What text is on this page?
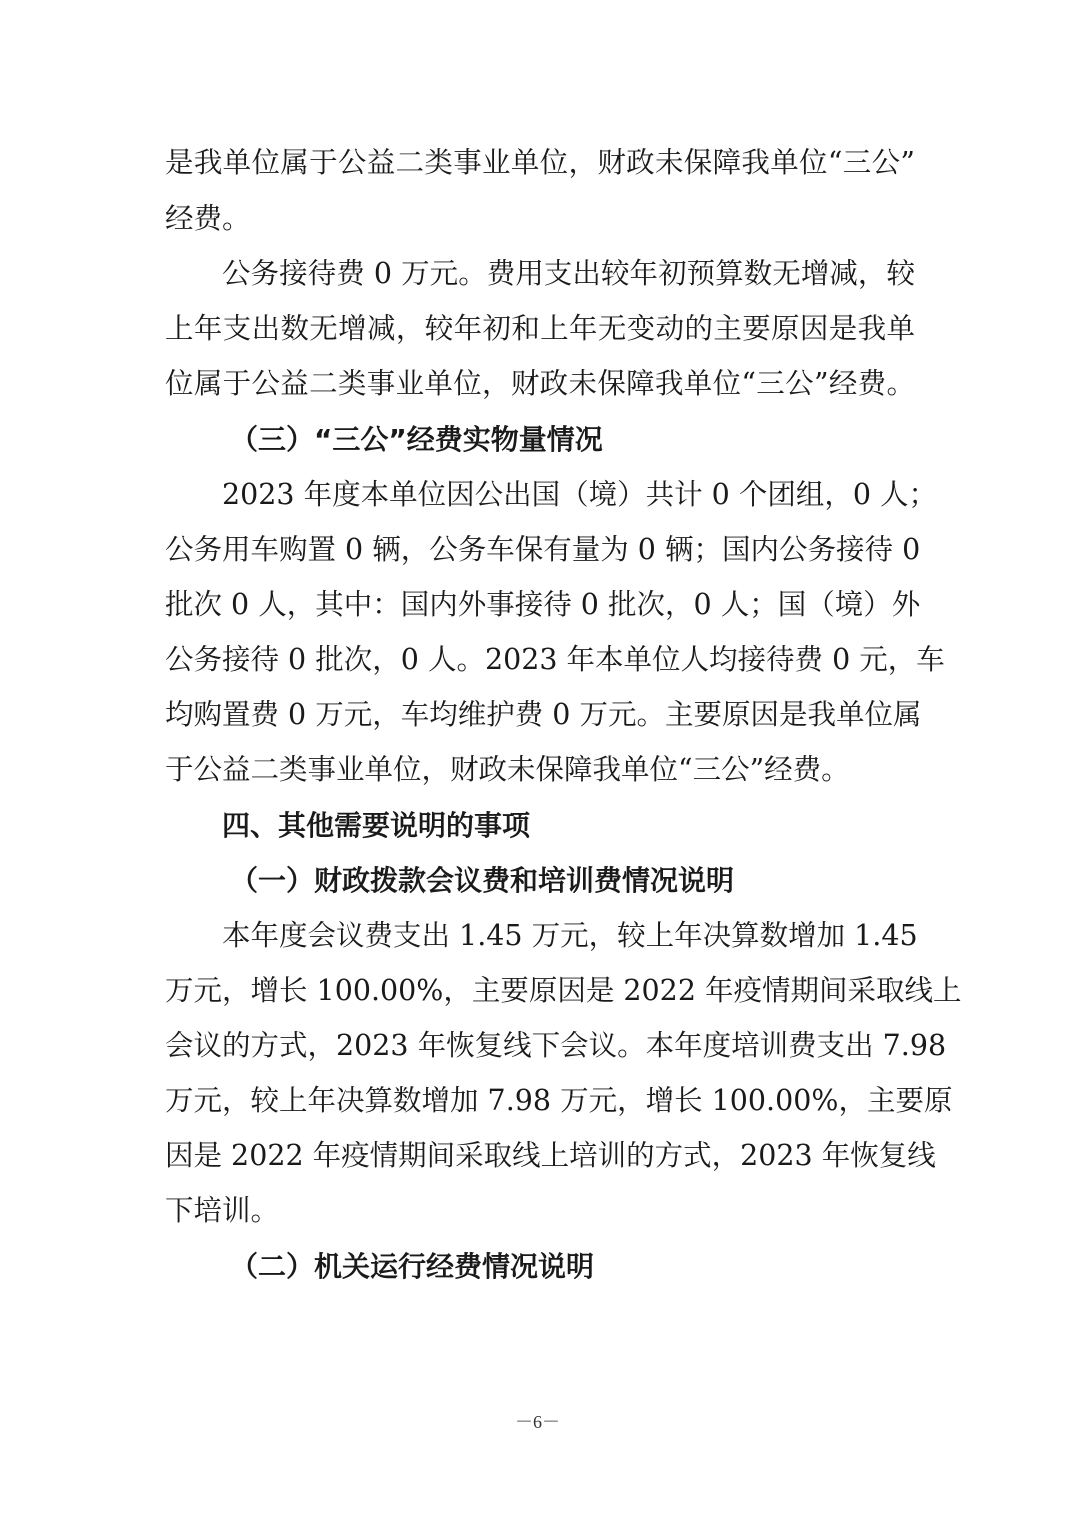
是我单位属于公益二类事业单位，财政未保障我单位“三公”
经费。
公务接待费 0 万元。费用支出较年初预算数无增减，较
上年支出数无增减，较年初和上年无变动的主要原因是我单
位属于公益二类事业单位，财政未保障我单位“三公”经费。
（三）“三公”经费实物量情况
2023 年度本单位因公出国（境）共计 0 个团组，0 人；
公务用车购置 0 辆，公务车保有量为 0 辆；国内公务接待 0
批次 0 人，其中：国内外事接待 0 批次，0 人；国（境）外
公务接待 0 批次，0 人。2023 年本单位人均接待费 0 元，车
均购置费 0 万元，车均维护费 0 万元。主要原因是我单位属
于公益二类事业单位，财政未保障我单位“三公”经费。
四、其他需要说明的事项
（一）财政拨款会议费和培训费情况说明
本年度会议费支出 1.45 万元，较上年决算数增加 1.45
万元，增长 100.00%，主要原因是 2022 年疫情期间采取线上
会议的方式，2023 年恢复线下会议。本年度培训费支出 7.98
万元，较上年决算数增加 7.98 万元，增长 100.00%，主要原
因是 2022 年疫情期间采取线上培训的方式，2023 年恢复线
下培训。
（二）机关运行经费情况说明
－6－
